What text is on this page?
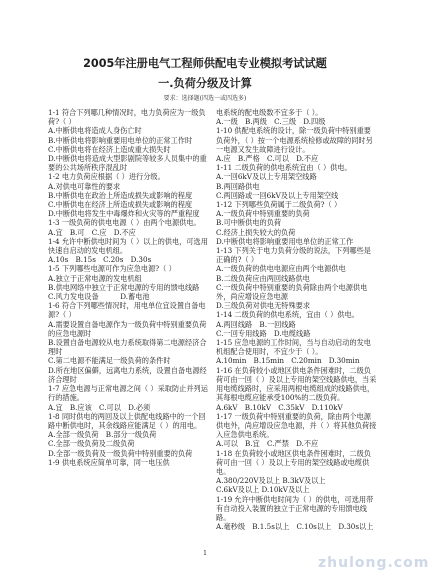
2005年注册电气工程师供配电专业模拟考试试题
一.负荷分级及计算
要求：选择题(四选一或四选多)

1-1 符合下列哪几种情况时，电力负荷应为一级负荷?（ ）

A.中断供电将造成人身伤亡时

B.中断供电将影响重要用电单位的正常工作时

C.中断供电将在经济上造成重大损失时

D.中断供电将造成大型影剧院等较多人员集中的重要的公共场所秩序混乱时

1-2 电力负荷应根据（ ）进行分级。

A.对供电可靠性的要求

B.中断供电在政治上所造成损失或影响的程度

C.中断供电在经济上所造成损失或影响的程度

D.中断供电将发生中毒爆炸和火灾等的严重程度

1-3 一级负荷的供电电源（ ）由两个电源供电。

A.宜　B.可　C.应　D.不应

1-4 允许中断供电时间为（ ）以上的供电，可选用快速自启动的发电机组。

A.10s　B.15s　C.20s　D.30s

1-5 下列哪些电源可作为应急电源?（ ）

A.独立于正常电源的发电机组

B.供电网络中独立于正常电源的专用的馈电线路

C.风力发电设备　　　D.蓄电池

1-6 符合下列哪些情况时，用电单位宜设置自备电源?（ ）

A.需要设置自备电源作为一级负荷中特别重要负荷的应急电源时

B.设置自备电源较从电力系统取得第二电源经济合理时

C.第二电源不能满足一级负荷的条件时

D.所在地区偏僻，远离电力系统，设置自备电源经济合理时

1-7 应急电源与正常电源之间（ ）采取防止并列运行的措施。

A.宜　B.应该　C.可以　D.必须

1-8 同时供电的两回及以上供配电线路中的一个回路中断供电时，其余线路应能满足（ ）的用电。

A.全部一级负荷　B.部分一级负荷

C.全部一级负荷及二级负荷

D.全部一级负荷及一级负荷中特别重要的负荷

1-9 供电系统应简单可靠，同一电压供

电系统的配电级数不宜多于（ ）。

A.一级　B.两级　C.三级　D.四级

1-10 供配电系统的设计，除一级负荷中特别重要负荷外，（ ）按一个电源系统检修或故障的同时另一电源又发生故障进行设计。

A.应　B.严格　C.可以　D.不应

1-11 二级负荷的供电系统宜由（ ）供电。

A.一回6kV及以上专用架空线路

B.两回路供电

C.两回路或一回6kV及以上专用架空线

1-12 下列哪些负荷属于二级负荷?（ ）

A.一级负荷中特别重要的负荷

B.可中断供电的负荷

C.经济上损失较大的负荷

D.中断供电将影响重要用电单位的正常工作

1-13 下列关于电力负荷分级的说法，下列哪些是正确的?（ ）

A.一级负荷的供电电源应由两个电源供电

B.二级负荷应由两回线路供电

C.一级负荷中特别重要的负荷除由两个电源供电外，尚应增设应急电源

D.三级负荷对供电无特殊要求

1-14 二级负荷的供电系统，宜由（ ）供电。

A.两回线路　B.一回线路

C.一回专用线路　D.电缆线路

1-15 应急电源的工作时间，当与自动启动的发电机组配合使用时，不宜少于（ ）。

A.10min　B.15min　C.20min　D.30min

1-16 在负荷较小或地区供电条件困难时，二级负荷可由一回（ ）及以上专用的架空线路供电，当采用电缆线路时，应采用两根电缆组成的线路供电，其每根电缆应能承受100%的二级负荷。

A.6kV　B.10kV　C.35kV　D.110kV

1-17 一级负荷中特别重要的负荷，除由两个电源供电外，尚应增设应急电源，并（ ）将其他负荷接入应急供电系统。

A.可以　B.宜　C.严禁　D.不应

1-18 在负荷较小或地区供电条件困难时，二级负荷可由一回（ ）及以上专用的架空线路或电缆供电。

A.380/220V及以上 B.3kV及以上

C.6kV及以上 D.10kV及以上

1-19 允许中断供电时间为（ ）的供电，可选用带有自动投入装置的独立于正常电源的专用馈电线路。

A.毫秒级　B.1.5s以上　C.10s以上　D.30s以上

1
zhulong.com
